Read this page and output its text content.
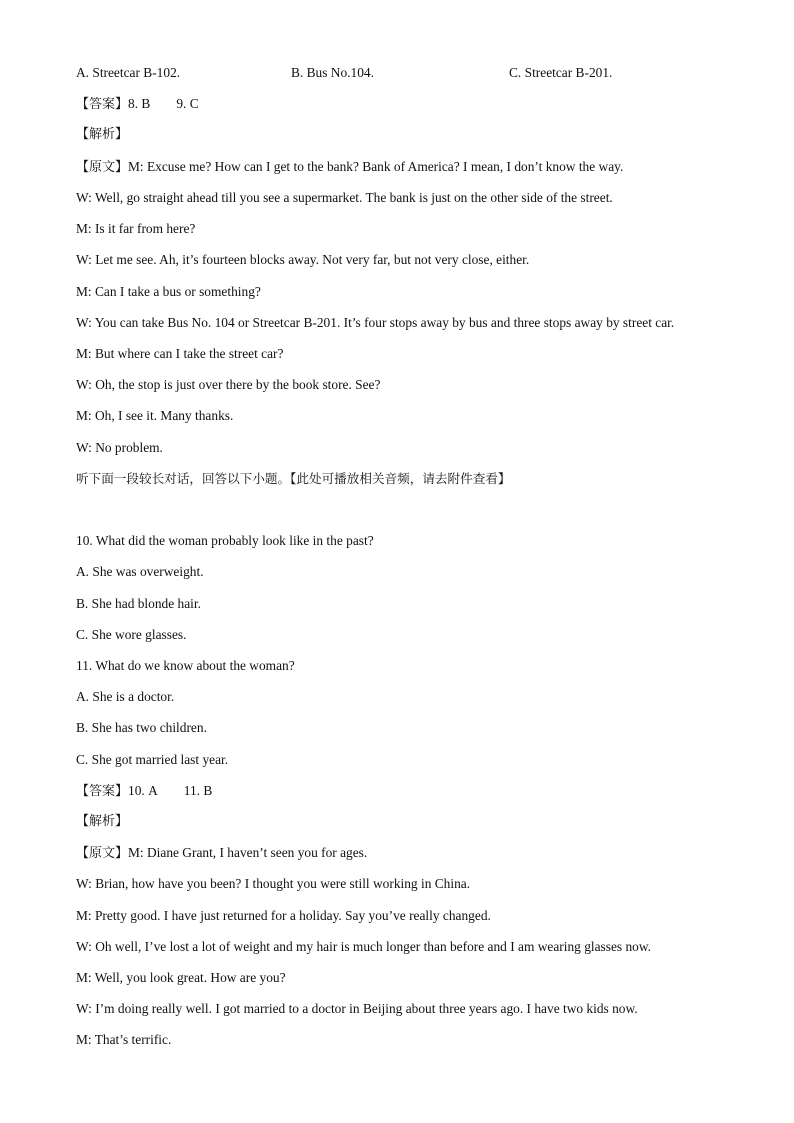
A. Streetcar B-102.	B. Bus No.104.	C. Streetcar B-201.
【答案】8. B 9. C
【解析】
【原文】M: Excuse me? How can I get to the bank? Bank of America? I mean, I don’t know the way.
W: Well, go straight ahead till you see a supermarket. The bank is just on the other side of the street.
M: Is it far from here?
W: Let me see. Ah, it’s fourteen blocks away. Not very far, but not very close, either.
M: Can I take a bus or something?
W: You can take Bus No. 104 or Streetcar B-201. It’s four stops away by bus and three stops away by street car.
M: But where can I take the street car?
W: Oh, the stop is just over there by the book store. See?
M: Oh, I see it. Many thanks.
W: No problem.
听下面一段较长对话，回答以下小题。【此处可播放相关音频，请去附件查看】
10. What did the woman probably look like in the past?
A. She was overweight.
B. She had blonde hair.
C. She wore glasses.
11. What do we know about the woman?
A. She is a doctor.
B. She has two children.
C. She got married last year.
【答案】10. A 11. B
【解析】
【原文】M: Diane Grant, I haven’t seen you for ages.
W: Brian, how have you been? I thought you were still working in China.
M: Pretty good. I have just returned for a holiday. Say you’ve really changed.
W: Oh well, I’ve lost a lot of weight and my hair is much longer than before and I am wearing glasses now.
M: Well, you look great. How are you?
W: I’m doing really well. I got married to a doctor in Beijing about three years ago. I have two kids now.
M: That’s terrific.
